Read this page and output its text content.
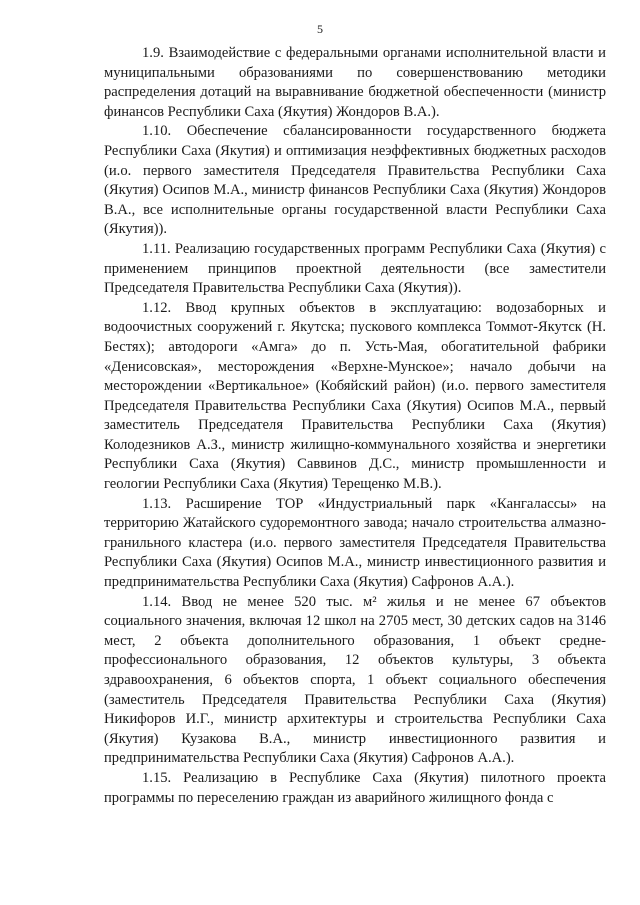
5

1.9. Взаимодействие с федеральными органами исполнительной власти и муниципальными образованиями по совершенствованию методики распределения дотаций на выравнивание бюджетной обеспеченности (министр финансов Республики Саха (Якутия) Жондоров В.А.).

1.10. Обеспечение сбалансированности государственного бюджета Республики Саха (Якутия) и оптимизация неэффективных бюджетных расходов (и.о. первого заместителя Председателя Правительства Республики Саха (Якутия) Осипов М.А., министр финансов Республики Саха (Якутия) Жондоров В.А., все исполнительные органы государственной власти Республики Саха (Якутия)).

1.11. Реализацию государственных программ Республики Саха (Якутия) с применением принципов проектной деятельности (все заместители Председателя Правительства Республики Саха (Якутия)).

1.12. Ввод крупных объектов в эксплуатацию: водозаборных и водоочистных сооружений г. Якутска; пускового комплекса Томмот-Якутск (Н. Бестях); автодороги «Амга» до п. Усть-Мая, обогатительной фабрики «Денисовская», месторождения «Верхне-Мунское»; начало добычи на месторождении «Вертикальное» (Кобяйский район) (и.о. первого заместителя Председателя Правительства Республики Саха (Якутия) Осипов М.А., первый заместитель Председателя Правительства Республики Саха (Якутия) Колодезников А.З., министр жилищно-коммунального хозяйства и энергетики Республики Саха (Якутия) Саввинов Д.С., министр промышленности и геологии Республики Саха (Якутия) Терещенко М.В.).

1.13. Расширение ТОР «Индустриальный парк «Кангалассы» на территорию Жатайского судоремонтного завода; начало строительства алмазно-гранильного кластера (и.о. первого заместителя Председателя Правительства Республики Саха (Якутия) Осипов М.А., министр инвестиционного развития и предпринимательства Республики Саха (Якутия) Сафронов А.А.).

1.14. Ввод не менее 520 тыс. м² жилья и не менее 67 объектов социального значения, включая 12 школ на 2705 мест, 30 детских садов на 3146 мест, 2 объекта дополнительного образования, 1 объект средне-профессионального образования, 12 объектов культуры, 3 объекта здравоохранения, 6 объектов спорта, 1 объект социального обеспечения (заместитель Председателя Правительства Республики Саха (Якутия) Никифоров И.Г., министр архитектуры и строительства Республики Саха (Якутия) Кузакова В.А., министр инвестиционного развития и предпринимательства Республики Саха (Якутия) Сафронов А.А.).

1.15. Реализацию в Республике Саха (Якутия) пилотного проекта программы по переселению граждан из аварийного жилищного фонда с
